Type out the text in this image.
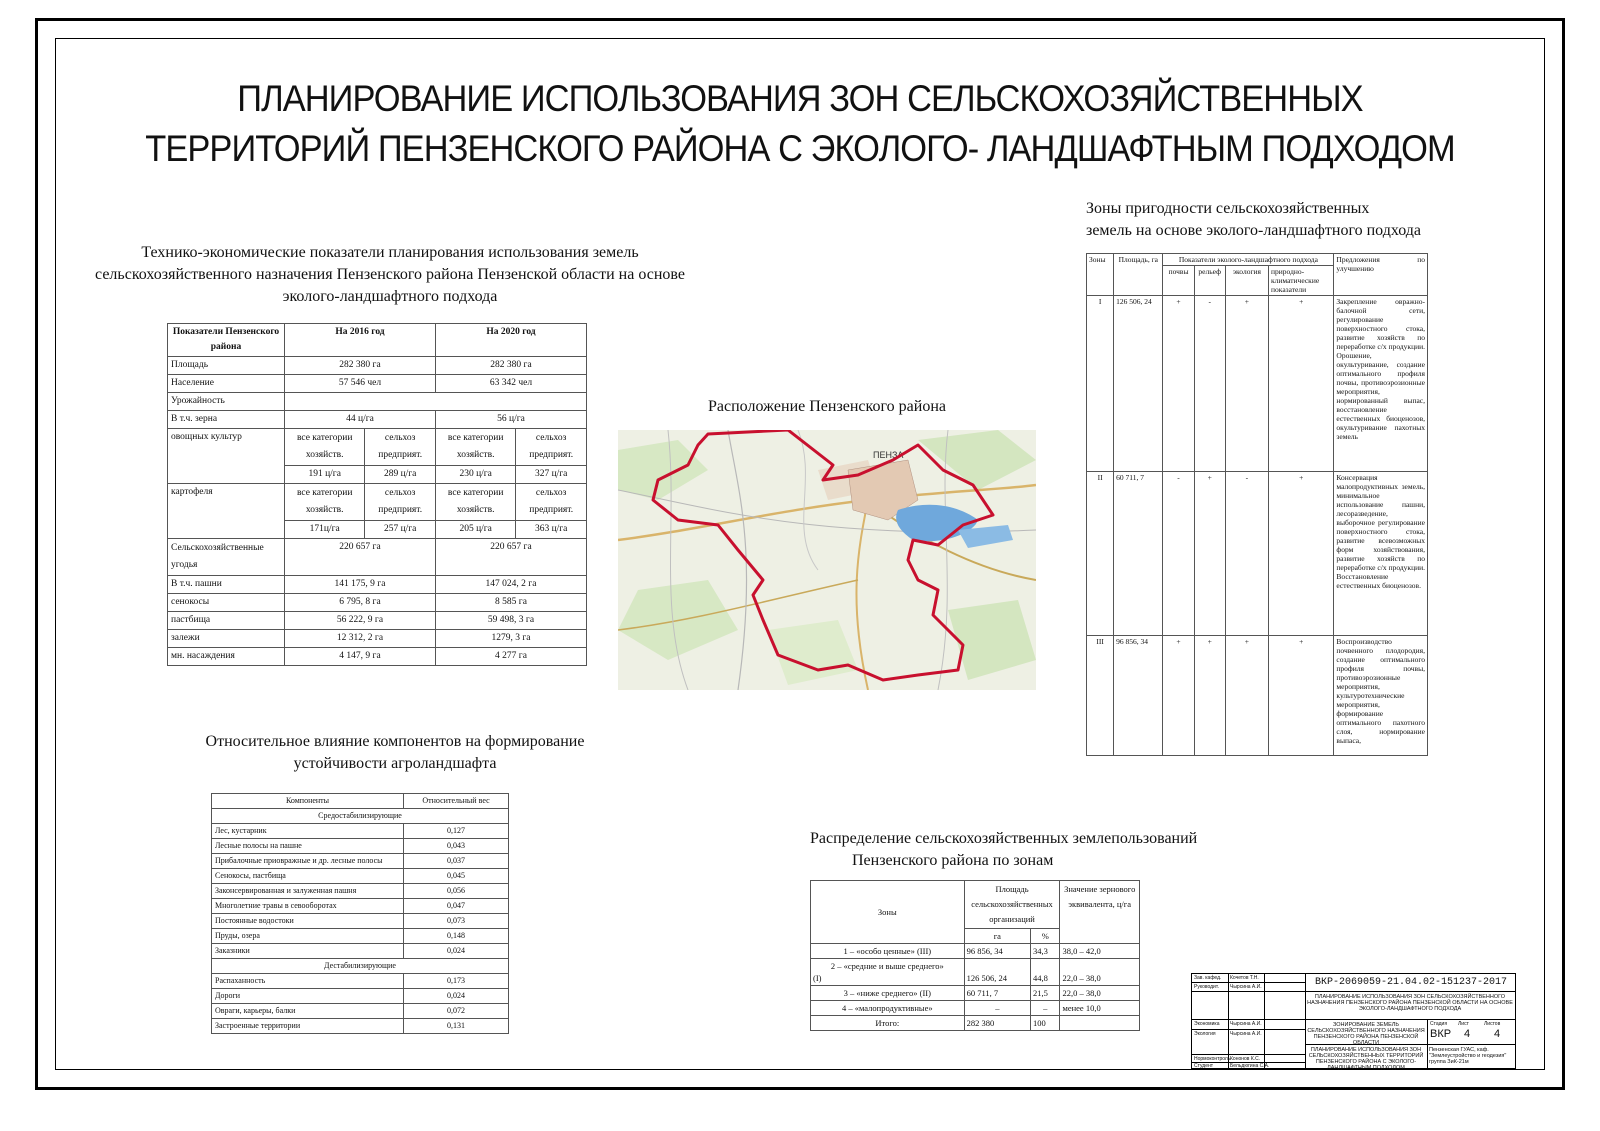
ПЛАНИРОВАНИЕ ИСПОЛЬЗОВАНИЯ ЗОН СЕЛЬСКОХОЗЯЙСТВЕННЫХ
ТЕРРИТОРИЙ ПЕНЗЕНСКОГО РАЙОНА С ЭКОЛОГО- ЛАНДШАФТНЫМ ПОДХОДОМ
Технико-экономические показатели планирования использования земель
сельскохозяйственного назначения Пензенского района Пензенской области на основе
эколого-ландшафтного подхода
Показатели Пензенского района	На 2016 год		На 2020 год	
Площадь	282 380 га		282 380 га	
Население	57 546 чел		63 342 чел	
Урожайность				
В т.ч. зерна	44 ц/га		56 ц/га	
овощных культур	все категории хозяйств.	сельхоз предприят.	все категории хозяйств.	сельхоз предприят.
	191 ц/га	289 ц/га	230 ц/га	327 ц/га
картофеля	все категории хозяйств.	сельхоз предприят.	все категории хозяйств.	сельхоз предприят.
	171ц/га	257 ц/га	205 ц/га	363 ц/га
Сельскохозяйственные угодья	220 657 га		220 657 га	
В т.ч. пашни	141 175, 9 га		147 024, 2 га	
сенокосы	6 795, 8 га		8 585 га	
пастбища	56 222, 9 га		59 498, 3 га	
залежи	12 312, 2 га		1279, 3 га	
мн. насаждения	4 147, 9 га		4 277 га	
Расположение Пензенского района
ПЕНЗА
Зоны пригодности сельскохозяйственных
земель на основе эколого-ландшафтного подхода
Зоны	Площадь, га	Показатели эколого-ландшафтного подхода				Предложения по улучшению
		почвы	рельеф	экология	природно-климатические показатели	
I	126 506, 24	+	-	+	+	Закрепление овражно-балочной сети, регулирование поверхностного стока, развитие хозяйств по переработке с/х продукции. Орошение, окультуривание, создание оптимального профиля почвы, противоэрозионные мероприятия, нормированный выпас, восстановление естественных биоценозов, окультуривание пахотных земель
II	60 711, 7	-	+	-	+	Консервация малопродуктивных земель, минимальное использование пашни, лесоразведение, выборочное регулирование поверхностного стока, развитие всевозможных форм хозяйствования, развитие хозяйств по переработке с/х продукции. Восстановление естественных биоценозов.
III	96 856, 34	+	+	+	+	Воспроизводство почвенного плодородия, создание оптимального профиля почвы, противоэрозионные мероприятия, культуротехнические мероприятия, формирование оптимального пахотного слоя, нормирование выпаса,
Относительное влияние компонентов на формирование
устойчивости агроландшафта
Компоненты	Относительный вес
Средостабилизирующие	
Лес, кустарник	0,127
Лесные полосы на пашне	0,043
Прибалочные приовражные и др. лесные полосы	0,037
Сенокосы, пастбища	0,045
Законсервированная и залуженная пашня	0,056
Многолетние травы в севооборотах	0,047
Постоянные водостоки	0,073
Пруды, озера	0,148
Заказники	0,024
Дестабилизирующие	
Распаханность	0,173
Дороги	0,024
Овраги, карьеры, балки	0,072
Застроенные территории	0,131
Распределение сельскохозяйственных землепользований
Пензенского района по зонам
Зоны	Площадь сельскохозяйственных организаций		Значение зернового эквивалента, ц/га
	га	%	
1 – «особо ценные» (III)	96 856, 34	34,3	38,0 – 42,0

2 – «средние и выше среднего»
(I)	126 506, 24	44,8	22,0 – 38,0
3 – «ниже среднего» (II)	60 711, 7	21,5	22,0 – 38,0
4 – «малопродуктивные»	–	–	менее 10,0
Итого:	282 380	100	
ВКР-2069059-21.04.02-151237-2017
Зав. кафед. Кочетов Т.Н.
Руководит. Чырсина А.И.
ПЛАНИРОВАНИЕ ИСПОЛЬЗОВАНИЯ ЗОН СЕЛЬСКОХОЗЯЙСТВЕННОГО НАЗНАЧЕНИЯ ПЕНЗЕНСКОГО РАЙОНА ПЕНЗЕНСКОЙ ОБЛАСТИ НА ОСНОВЕ ЭКОЛОГО-ЛАНДШАФТНОГО ПОДХОДА
Экономика Чырсина А.И.
Экология	Чырсина А.И.
ЗОНИРОВАНИЕ ЗЕМЕЛЬ СЕЛЬСКОХОЗЯЙСТВЕННОГО НАЗНАЧЕНИЯ ПЕНЗЕНСКОГО РАЙОНА ПЕНЗЕНСКОЙ ОБЛАСТИ
Стадия Лист	Листов
ВКР 4 4
Нормоконтроль Кононов К.С.
Студент	Бельдюгина С.А.
ПЛАНИРОВАНИЕ ИСПОЛЬЗОВАНИЯ ЗОН СЕЛЬСКОХОЗЯЙСТВЕННЫХ ТЕРРИТОРИЙ ПЕНЗЕНСКОГО РАЙОНА С ЭКОЛОГО-ЛАНДШАФТНЫМ ПОДХОДОМ
Пензенская ГУАС, каф. "Землеустройство и геодезия" группа ЗиК-21м
